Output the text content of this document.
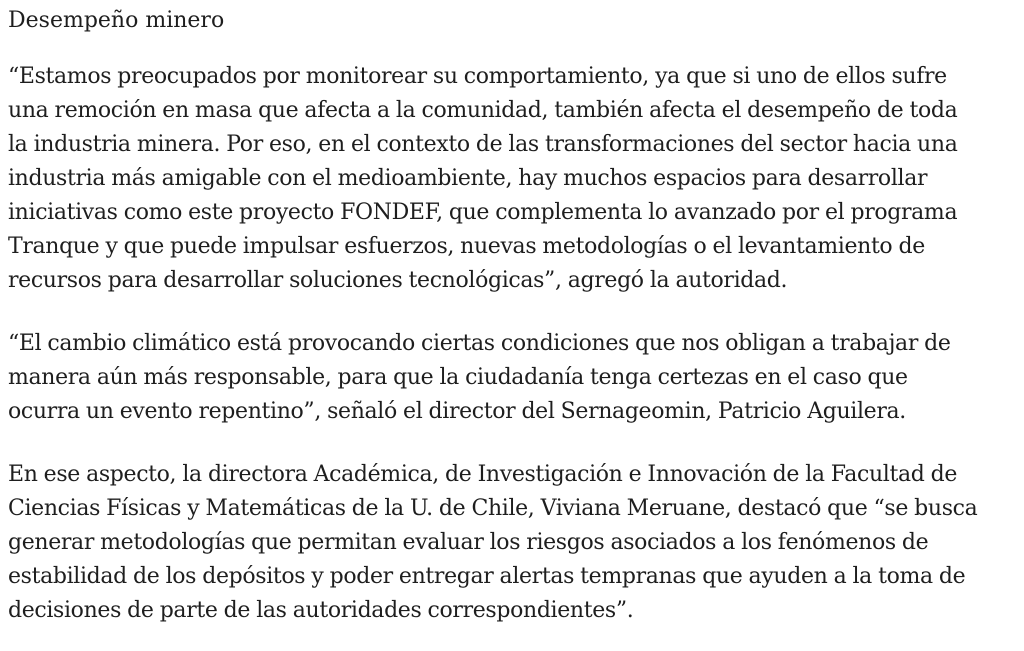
Desempeño minero

“Estamos preocupados por monitorear su comportamiento, ya que si uno de ellos sufre
una remoción en masa que afecta a la comunidad, también afecta el desempeño de toda
la industria minera. Por eso, en el contexto de las transformaciones del sector hacia una
industria más amigable con el medioambiente, hay muchos espacios para desarrollar
iniciativas como este proyecto FONDEF, que complementa lo avanzado por el programa
Tranque y que puede impulsar esfuerzos, nuevas metodologías o el levantamiento de
recursos para desarrollar soluciones tecnológicas”, agregó la autoridad.

“El cambio climático está provocando ciertas condiciones que nos obligan a trabajar de
manera aún más responsable, para que la ciudadanía tenga certezas en el caso que
ocurra un evento repentino”, señaló el director del Sernageomin, Patricio Aguilera.

En ese aspecto, la directora Académica, de Investigación e Innovación de la Facultad de
Ciencias Físicas y Matemáticas de la U. de Chile, Viviana Meruane, destacó que “se busca
generar metodologías que permitan evaluar los riesgos asociados a los fenómenos de
estabilidad de los depósitos y poder entregar alertas tempranas que ayuden a la toma de
decisiones de parte de las autoridades correspondientes”.
